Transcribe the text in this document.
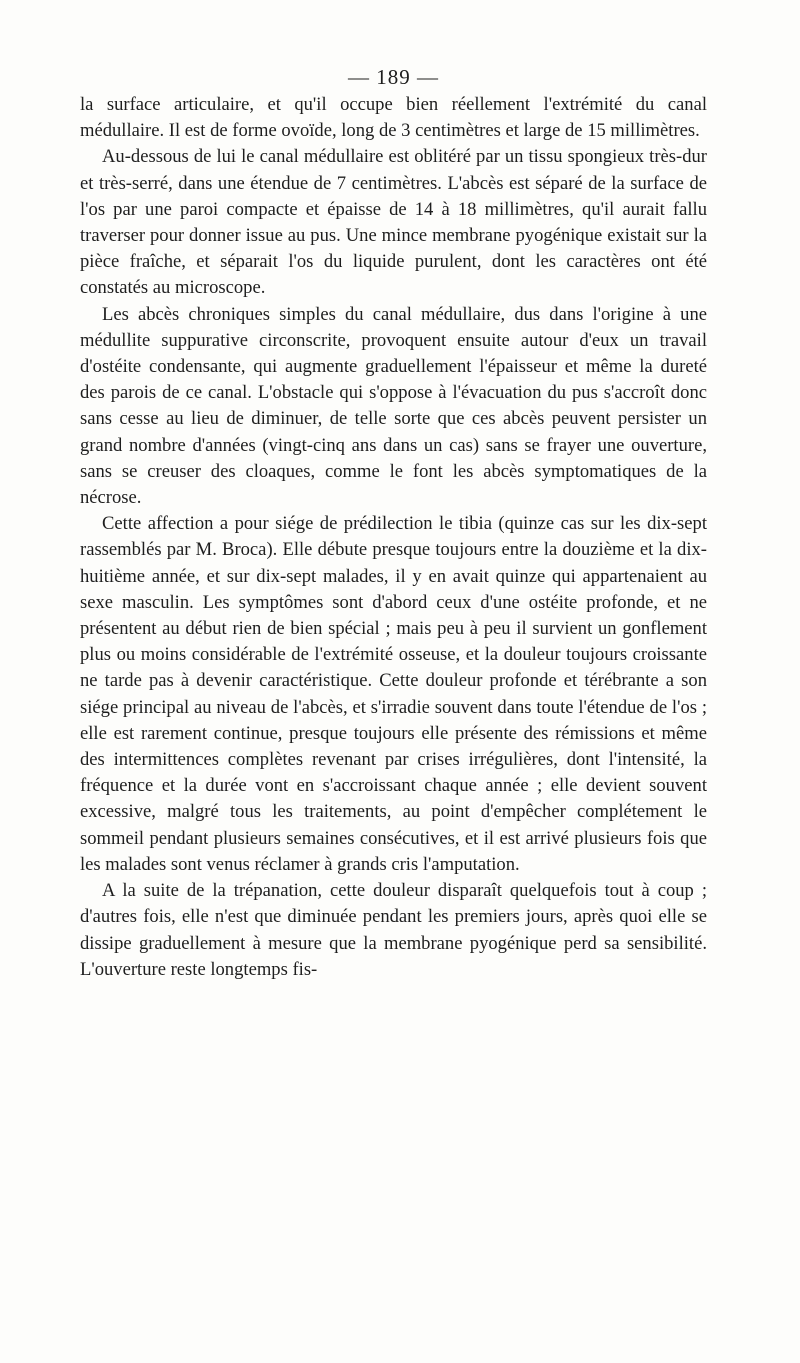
— 189 —

la surface articulaire, et qu'il occupe bien réellement l'extrémité du canal médullaire. Il est de forme ovoïde, long de 3 centimètres et large de 15 millimètres.

Au-dessous de lui le canal médullaire est oblitéré par un tissu spongieux très-dur et très-serré, dans une étendue de 7 centimètres. L'abcès est séparé de la surface de l'os par une paroi compacte et épaisse de 14 à 18 millimètres, qu'il aurait fallu traverser pour donner issue au pus. Une mince membrane pyogénique existait sur la pièce fraîche, et séparait l'os du liquide purulent, dont les caractères ont été constatés au microscope.

Les abcès chroniques simples du canal médullaire, dus dans l'origine à une médullite suppurative circonscrite, provoquent ensuite autour d'eux un travail d'ostéite condensante, qui augmente graduellement l'épaisseur et même la dureté des parois de ce canal. L'obstacle qui s'oppose à l'évacuation du pus s'accroît donc sans cesse au lieu de diminuer, de telle sorte que ces abcès peuvent persister un grand nombre d'années (vingt-cinq ans dans un cas) sans se frayer une ouverture, sans se creuser des cloaques, comme le font les abcès symptomatiques de la nécrose.

Cette affection a pour siége de prédilection le tibia (quinze cas sur les dix-sept rassemblés par M. Broca). Elle débute presque toujours entre la douzième et la dix-huitième année, et sur dix-sept malades, il y en avait quinze qui appartenaient au sexe masculin. Les symptômes sont d'abord ceux d'une ostéite profonde, et ne présentent au début rien de bien spécial ; mais peu à peu il survient un gonflement plus ou moins considérable de l'extrémité osseuse, et la douleur toujours croissante ne tarde pas à devenir caractéristique. Cette douleur profonde et térébrante a son siége principal au niveau de l'abcès, et s'irradie souvent dans toute l'étendue de l'os ; elle est rarement continue, presque toujours elle présente des rémissions et même des intermittences complètes revenant par crises irrégulières, dont l'intensité, la fréquence et la durée vont en s'accroissant chaque année ; elle devient souvent excessive, malgré tous les traitements, au point d'empêcher complétement le sommeil pendant plusieurs semaines consécutives, et il est arrivé plusieurs fois que les malades sont venus réclamer à grands cris l'amputation.

A la suite de la trépanation, cette douleur disparaît quelquefois tout à coup ; d'autres fois, elle n'est que diminuée pendant les premiers jours, après quoi elle se dissipe graduellement à mesure que la membrane pyogénique perd sa sensibilité. L'ouverture reste longtemps fis-
